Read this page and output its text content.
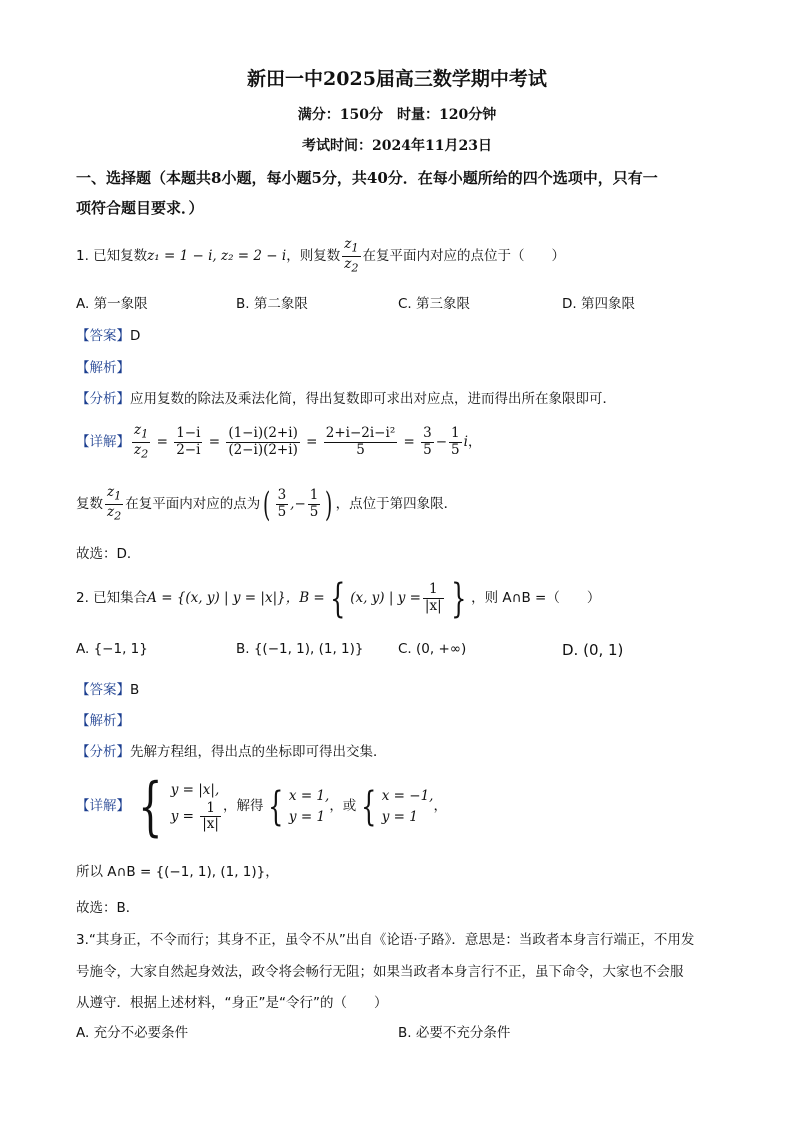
新田一中2025届高三数学期中考试
满分：150分　时量：120分钟
考试时间：2024年11月23日
一、选择题（本题共8小题，每小题5分，共40分．在每小题所给的四个选项中，只有一
项符合题目要求．）
1. 已知复数z₁ = 1 − i, z₂ = 2 − i，则复数 $\frac{z_1}{z_2}$ 在复平面内对应的点位于（　　）
A. 第一象限	B. 第二象限	C. 第三象限	D. 第四象限
【答案】D
【解析】
【分析】应用复数的除法及乘法化简，得出复数即可求出对应点，进而得出所在象限即可．
【详解】 $\frac{z_1}{z_2} = \frac{1-i}{2-i} = \frac{(1-i)(2+i)}{(2-i)(2+i)} = \frac{\text{2+i−2i−i²}}{5} = \frac{3}{5} - \frac{1}{5}$ i，
复数 $\frac{z_1}{z_2}$ 在复平面内对应的点为( $\frac{3}{5}$ ,− $\frac{1}{5}$ ) ，点位于第四象限．
故选：D．
2. 已知集合A = {(x, y) | y = |x|}，B = { (x, y) | $y = \frac{1}{|x|}$ } ，则 A∩B =（　　）
A. {−1, 1}	B. {(−1, 1), (1, 1)}	C. (0, +∞)	D. (0, 1)
【答案】B
【解析】
【分析】先解方程组，得出点的坐标即可得出交集．
【详解】 { y = |x|,
$y = \frac{1}{|x|}$ ，解得 { x = 1,
y = 1
，或 { x = −1,
y = 1
，
所以 A∩B = {(−1, 1), (1, 1)}，
故选：B．
3.“其身正，不令而行；其身不正，虽令不从”出自《论语·子路》．意思是：当政者本身言行端正，不用发
号施令，大家自然起身效法，政令将会畅行无阻；如果当政者本身言行不正，虽下命令，大家也不会服
从遵守．根据上述材料，“身正”是“令行”的（　　）
A. 充分不必要条件	B. 必要不充分条件
